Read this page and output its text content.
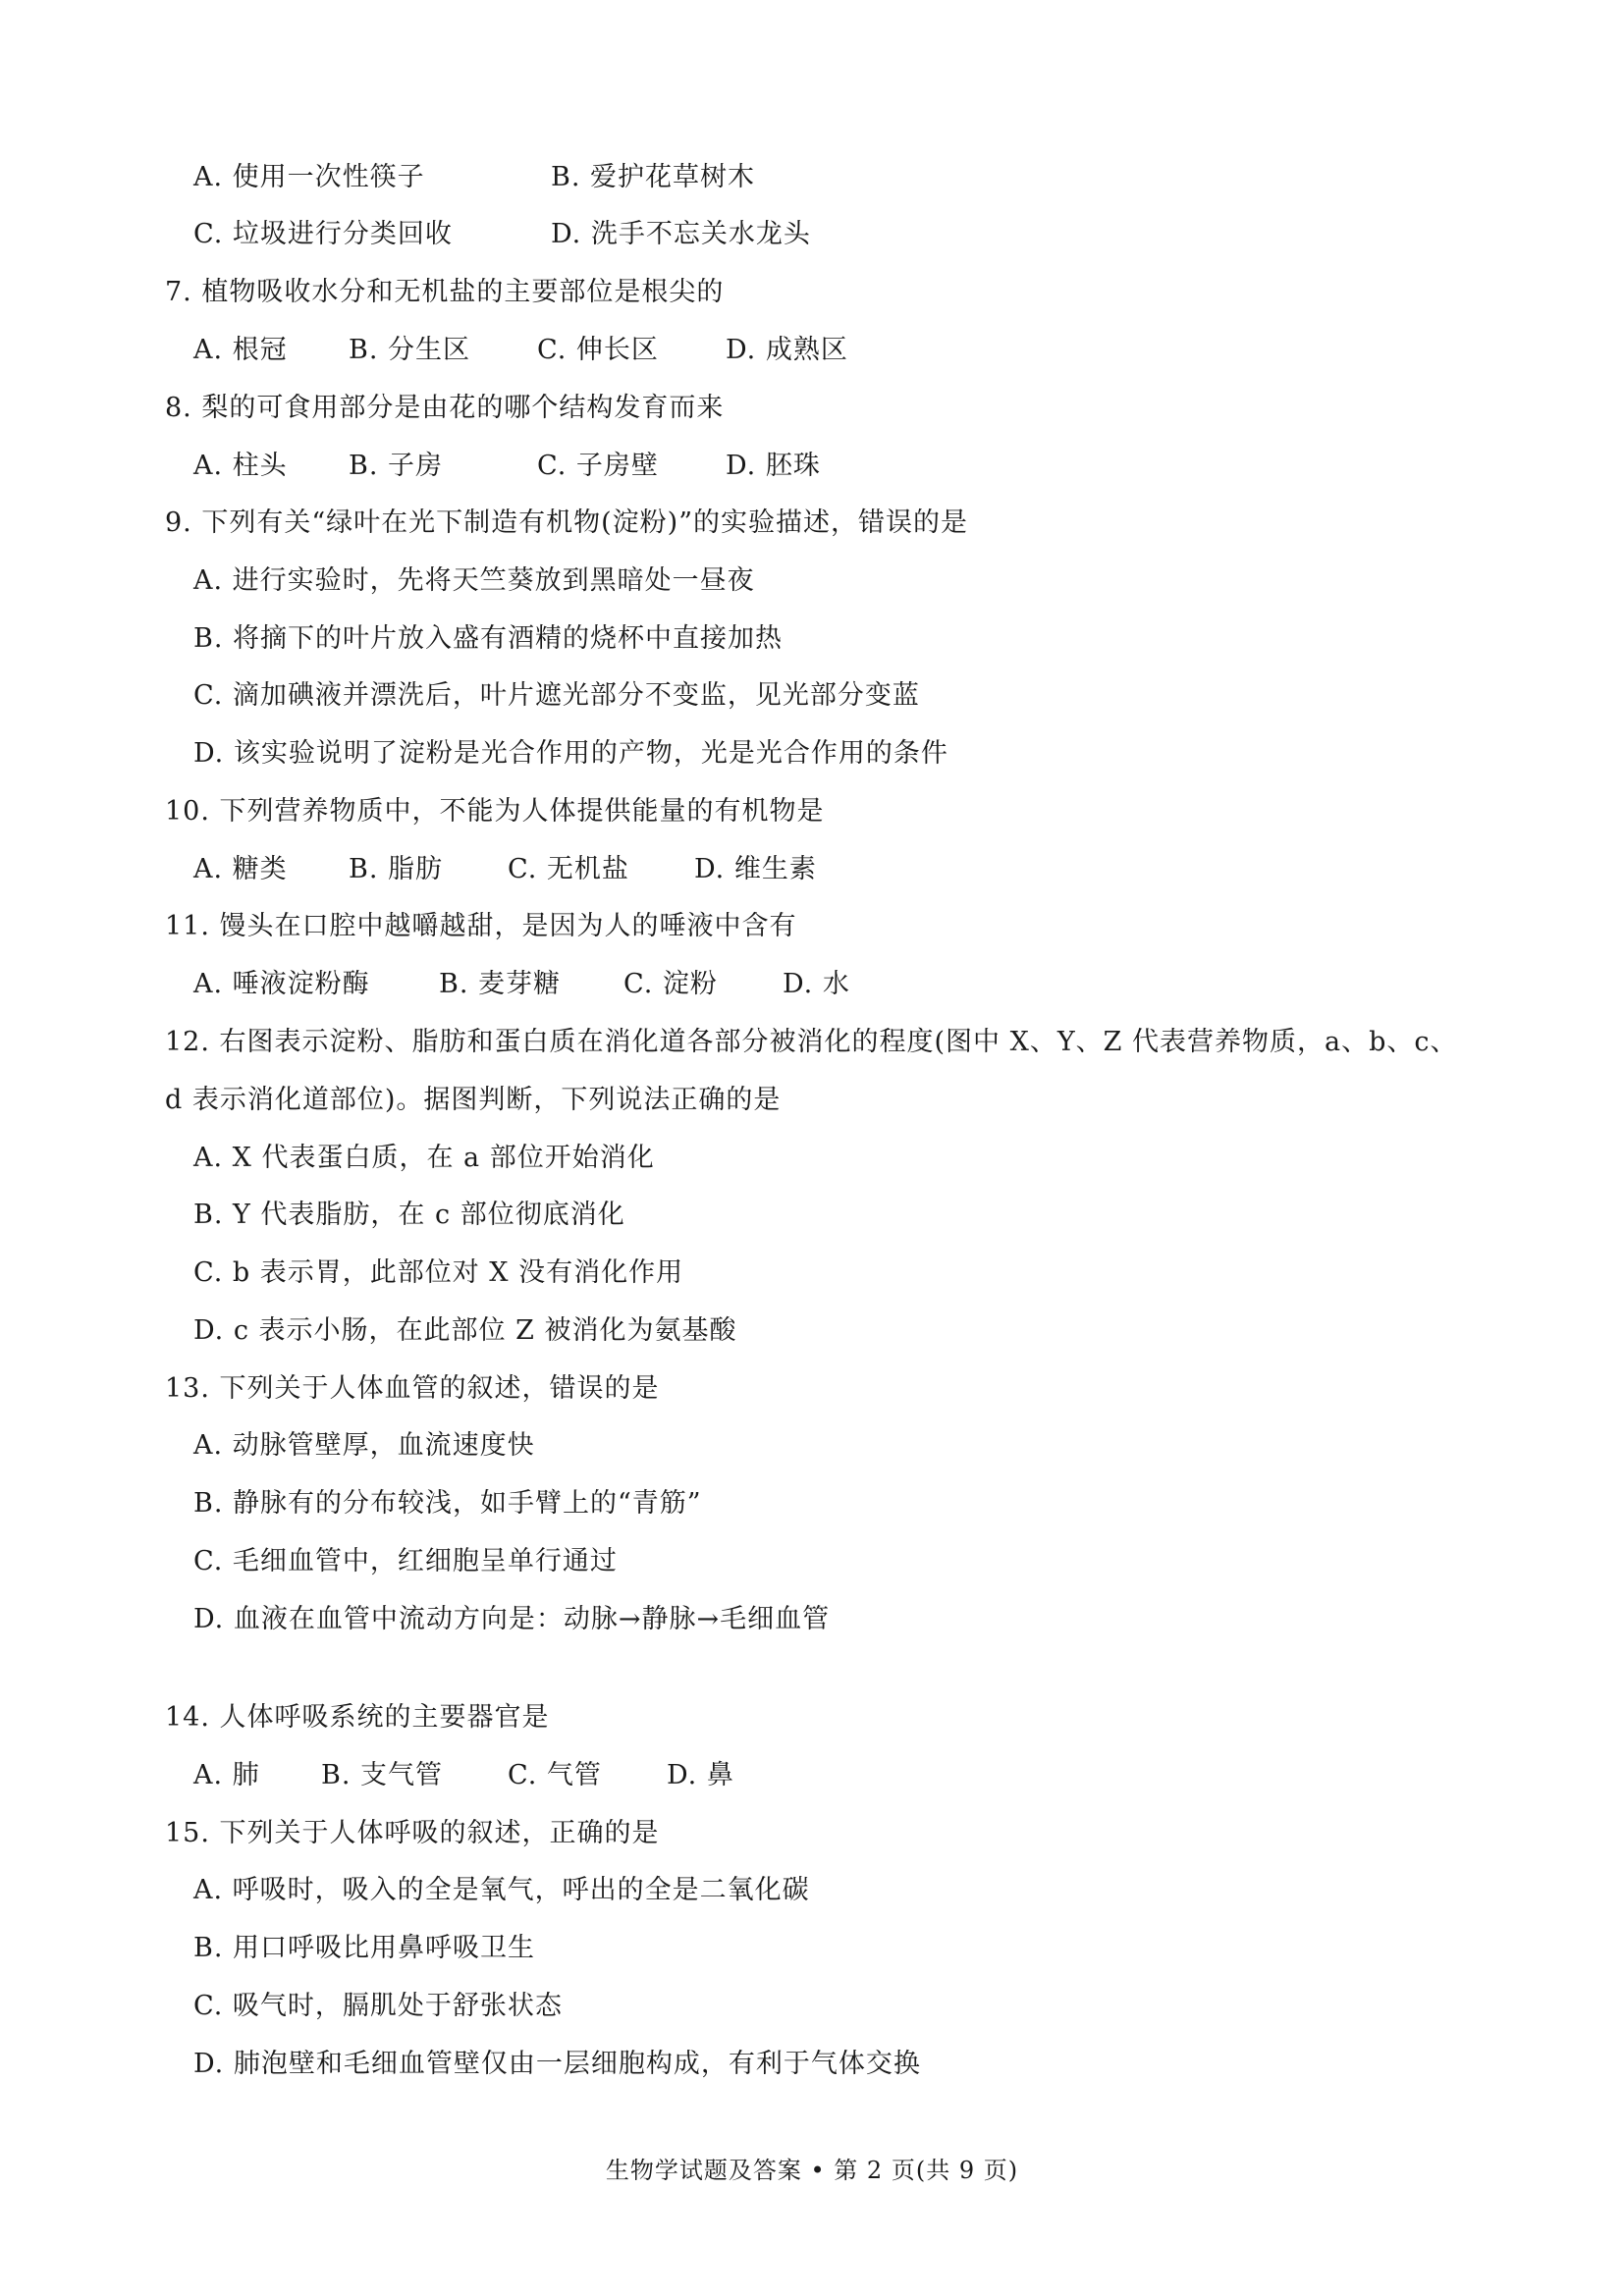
A. 使用一次性筷子	B. 爱护花草树木
C. 垃圾进行分类回收	D. 洗手不忘关水龙头
7. 植物吸收水分和无机盐的主要部位是根尖的
A. 根冠 B. 分生区	C. 伸长区	D. 成熟区
8. 梨的可食用部分是由花的哪个结构发育而来
A. 柱头 B. 子房	C. 子房壁	D. 胚珠
9. 下列有关“绿叶在光下制造有机物(淀粉)”的实验描述，错误的是
A. 进行实验时，先将天竺葵放到黑暗处一昼夜
B. 将摘下的叶片放入盛有酒精的烧杯中直接加热
C. 滴加碘液并漂洗后，叶片遮光部分不变监，见光部分变蓝
D. 该实验说明了淀粉是光合作用的产物，光是光合作用的条件
10. 下列营养物质中，不能为人体提供能量的有机物是
A. 糖类 B. 脂肪 C. 无机盐 D. 维生素
11. 馒头在口腔中越嚼越甜，是因为人的唾液中含有
A. 唾液淀粉酶	B. 麦芽糖 C. 淀粉 D. 水
12. 右图表示淀粉、脂肪和蛋白质在消化道各部分被消化的程度(图中 X、Y、Z 代表营养物质，a、b、c、
d 表示消化道部位)。据图判断，下列说法正确的是
A. X 代表蛋白质，在 a 部位开始消化
B. Y 代表脂肪，在 c 部位彻底消化
C. b 表示胃，此部位对 X 没有消化作用
D. c 表示小肠，在此部位 Z 被消化为氨基酸
13. 下列关于人体血管的叙述，错误的是
A. 动脉管壁厚，血流速度快
B. 静脉有的分布较浅，如手臂上的“青筋”
C. 毛细血管中，红细胞呈单行通过
D. 血液在血管中流动方向是：动脉→静脉→毛细血管
14. 人体呼吸系统的主要器官是
A. 肺 B. 支气管 C. 气管 D. 鼻
15. 下列关于人体呼吸的叙述，正确的是
A. 呼吸时，吸入的全是氧气，呼出的全是二氧化碳
B. 用口呼吸比用鼻呼吸卫生
C. 吸气时，膈肌处于舒张状态
D. 肺泡壁和毛细血管壁仅由一层细胞构成，有利于气体交换
生物学试题及答案 • 第 2 页(共 9 页)
